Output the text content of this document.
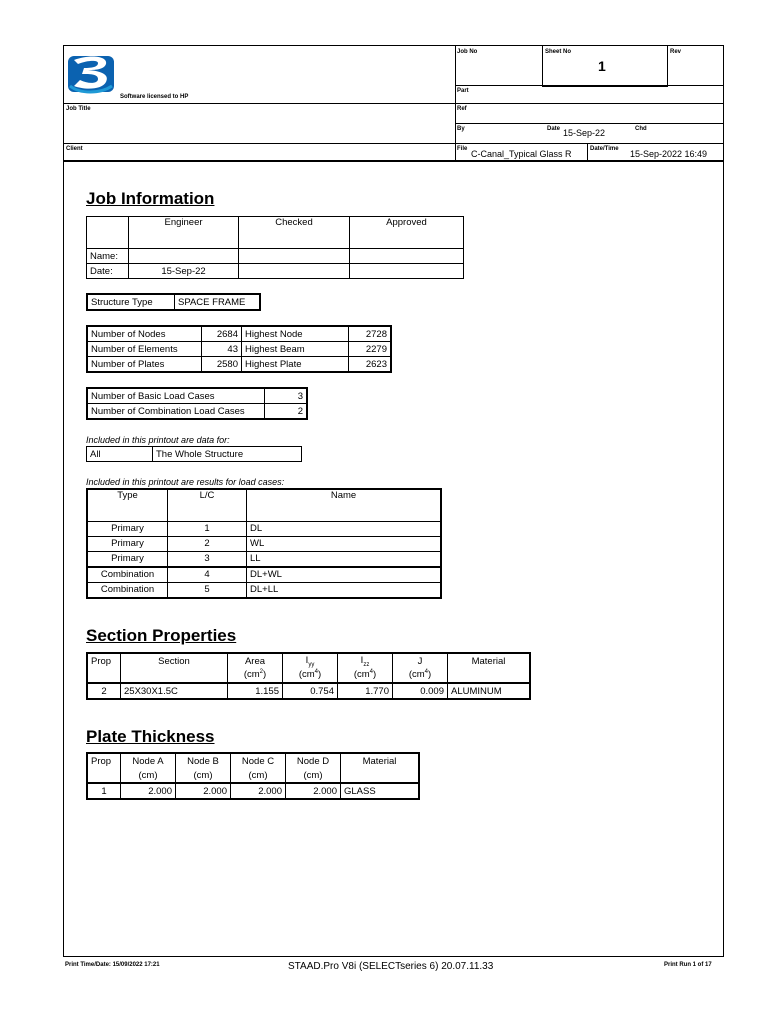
Software licensed to HP
Job No	Sheet No
1
Rev
Part
Job Title	Ref
By	Date 15-Sep-22	Chd
Client	File C-Canal_Typical Glass R	Date/Time 15-Sep-2022 16:49
Job Information
	Engineer	Checked	Approved
Name:			
Date:	15-Sep-22		
Structure Type	SPACE FRAME
Number of Nodes	2684	Highest Node	2728
Number of Elements	43	Highest Beam	2279
Number of Plates	2580	Highest Plate	2623
Number of Basic Load Cases	3
Number of Combination Load Cases	2
Included in this printout are data for:
All	The Whole Structure
Included in this printout are results for load cases:
Type	L/C	Name
Primary	1	DL
Primary	2	WL
Primary	3	LL
Combination	4	DL+WL
Combination	5	DL+LL
Section Properties
Prop	Section	Area	$I_{yy}$	$I_{zz}$	J	Material
		$(cm^2)$	$(cm^4)$	$(cm^4)$	$(cm^4)$	
2	25X30X1.5C	1.155	0.754	1.770	0.009	ALUMINUM
Plate Thickness
Prop	Node A	Node B	Node C	Node D	Material
	(cm)	(cm)	(cm)	(cm)	
1	2.000	2.000	2.000	2.000	GLASS
Print Time/Date: 15/09/2022 17:21	STAAD.Pro V8i (SELECTseries 6) 20.07.11.33	Print Run 1 of 17
